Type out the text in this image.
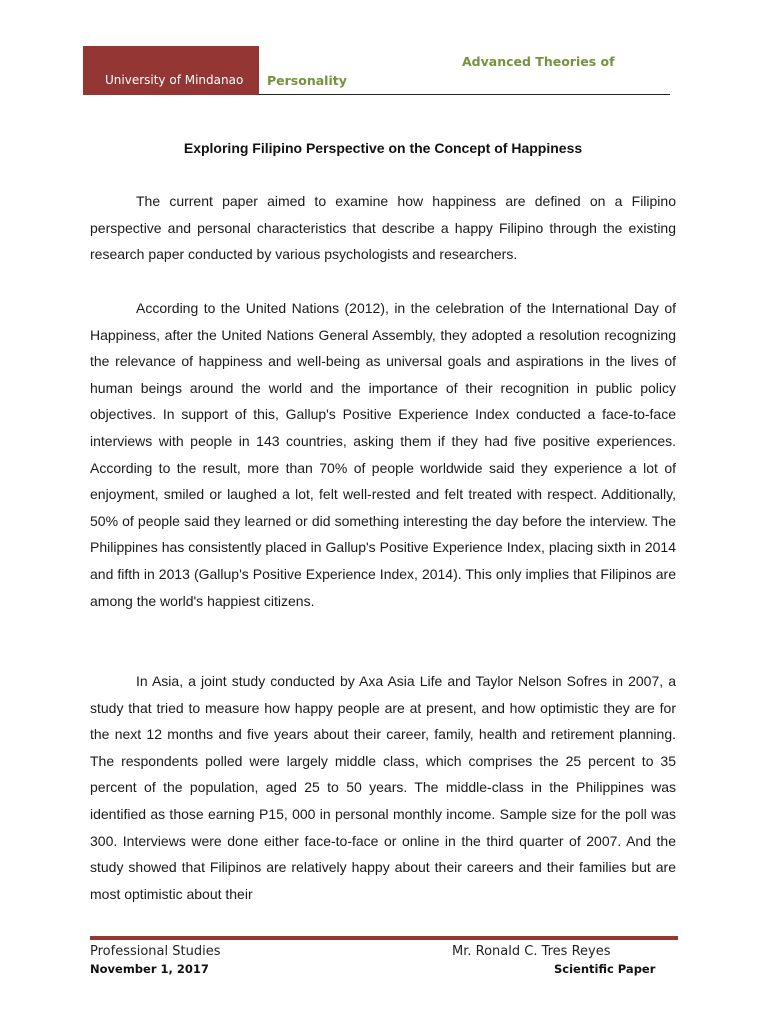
University of Mindanao
Advanced Theories of
Personality
Exploring Filipino Perspective on the Concept of Happiness

The current paper aimed to examine how happiness are defined on a Filipino perspective and personal characteristics that describe a happy Filipino through the existing research paper conducted by various psychologists and researchers.

According to the United Nations (2012), in the celebration of the International Day of Happiness, after the United Nations General Assembly, they adopted a resolution recognizing the relevance of happiness and well-being as universal goals and aspirations in the lives of human beings around the world and the importance of their recognition in public policy objectives. In support of this, Gallup's Positive Experience Index conducted a face-to-face interviews with people in 143 countries, asking them if they had five positive experiences. According to the result, more than 70% of people worldwide said they experience a lot of enjoyment, smiled or laughed a lot, felt well-rested and felt treated with respect. Additionally, 50% of people said they learned or did something interesting the day before the interview. The Philippines has consistently placed in Gallup's Positive Experience Index, placing sixth in 2014 and fifth in 2013 (Gallup's Positive Experience Index, 2014). This only implies that Filipinos are among the world's happiest citizens.

In Asia, a joint study conducted by Axa Asia Life and Taylor Nelson Sofres in 2007, a study that tried to measure how happy people are at present, and how optimistic they are for the next 12 months and five years about their career, family, health and retirement planning. The respondents polled were largely middle class, which comprises the 25 percent to 35 percent of the population, aged 25 to 50 years. The middle-class in the Philippines was identified as those earning P15, 000 in personal monthly income. Sample size for the poll was 300. Interviews were done either face-to-face or online in the third quarter of 2007. And the study showed that Filipinos are relatively happy about their careers and their families but are most optimistic about their

Professional Studies
November 1, 2017
Mr. Ronald C. Tres Reyes
Scientific Paper
